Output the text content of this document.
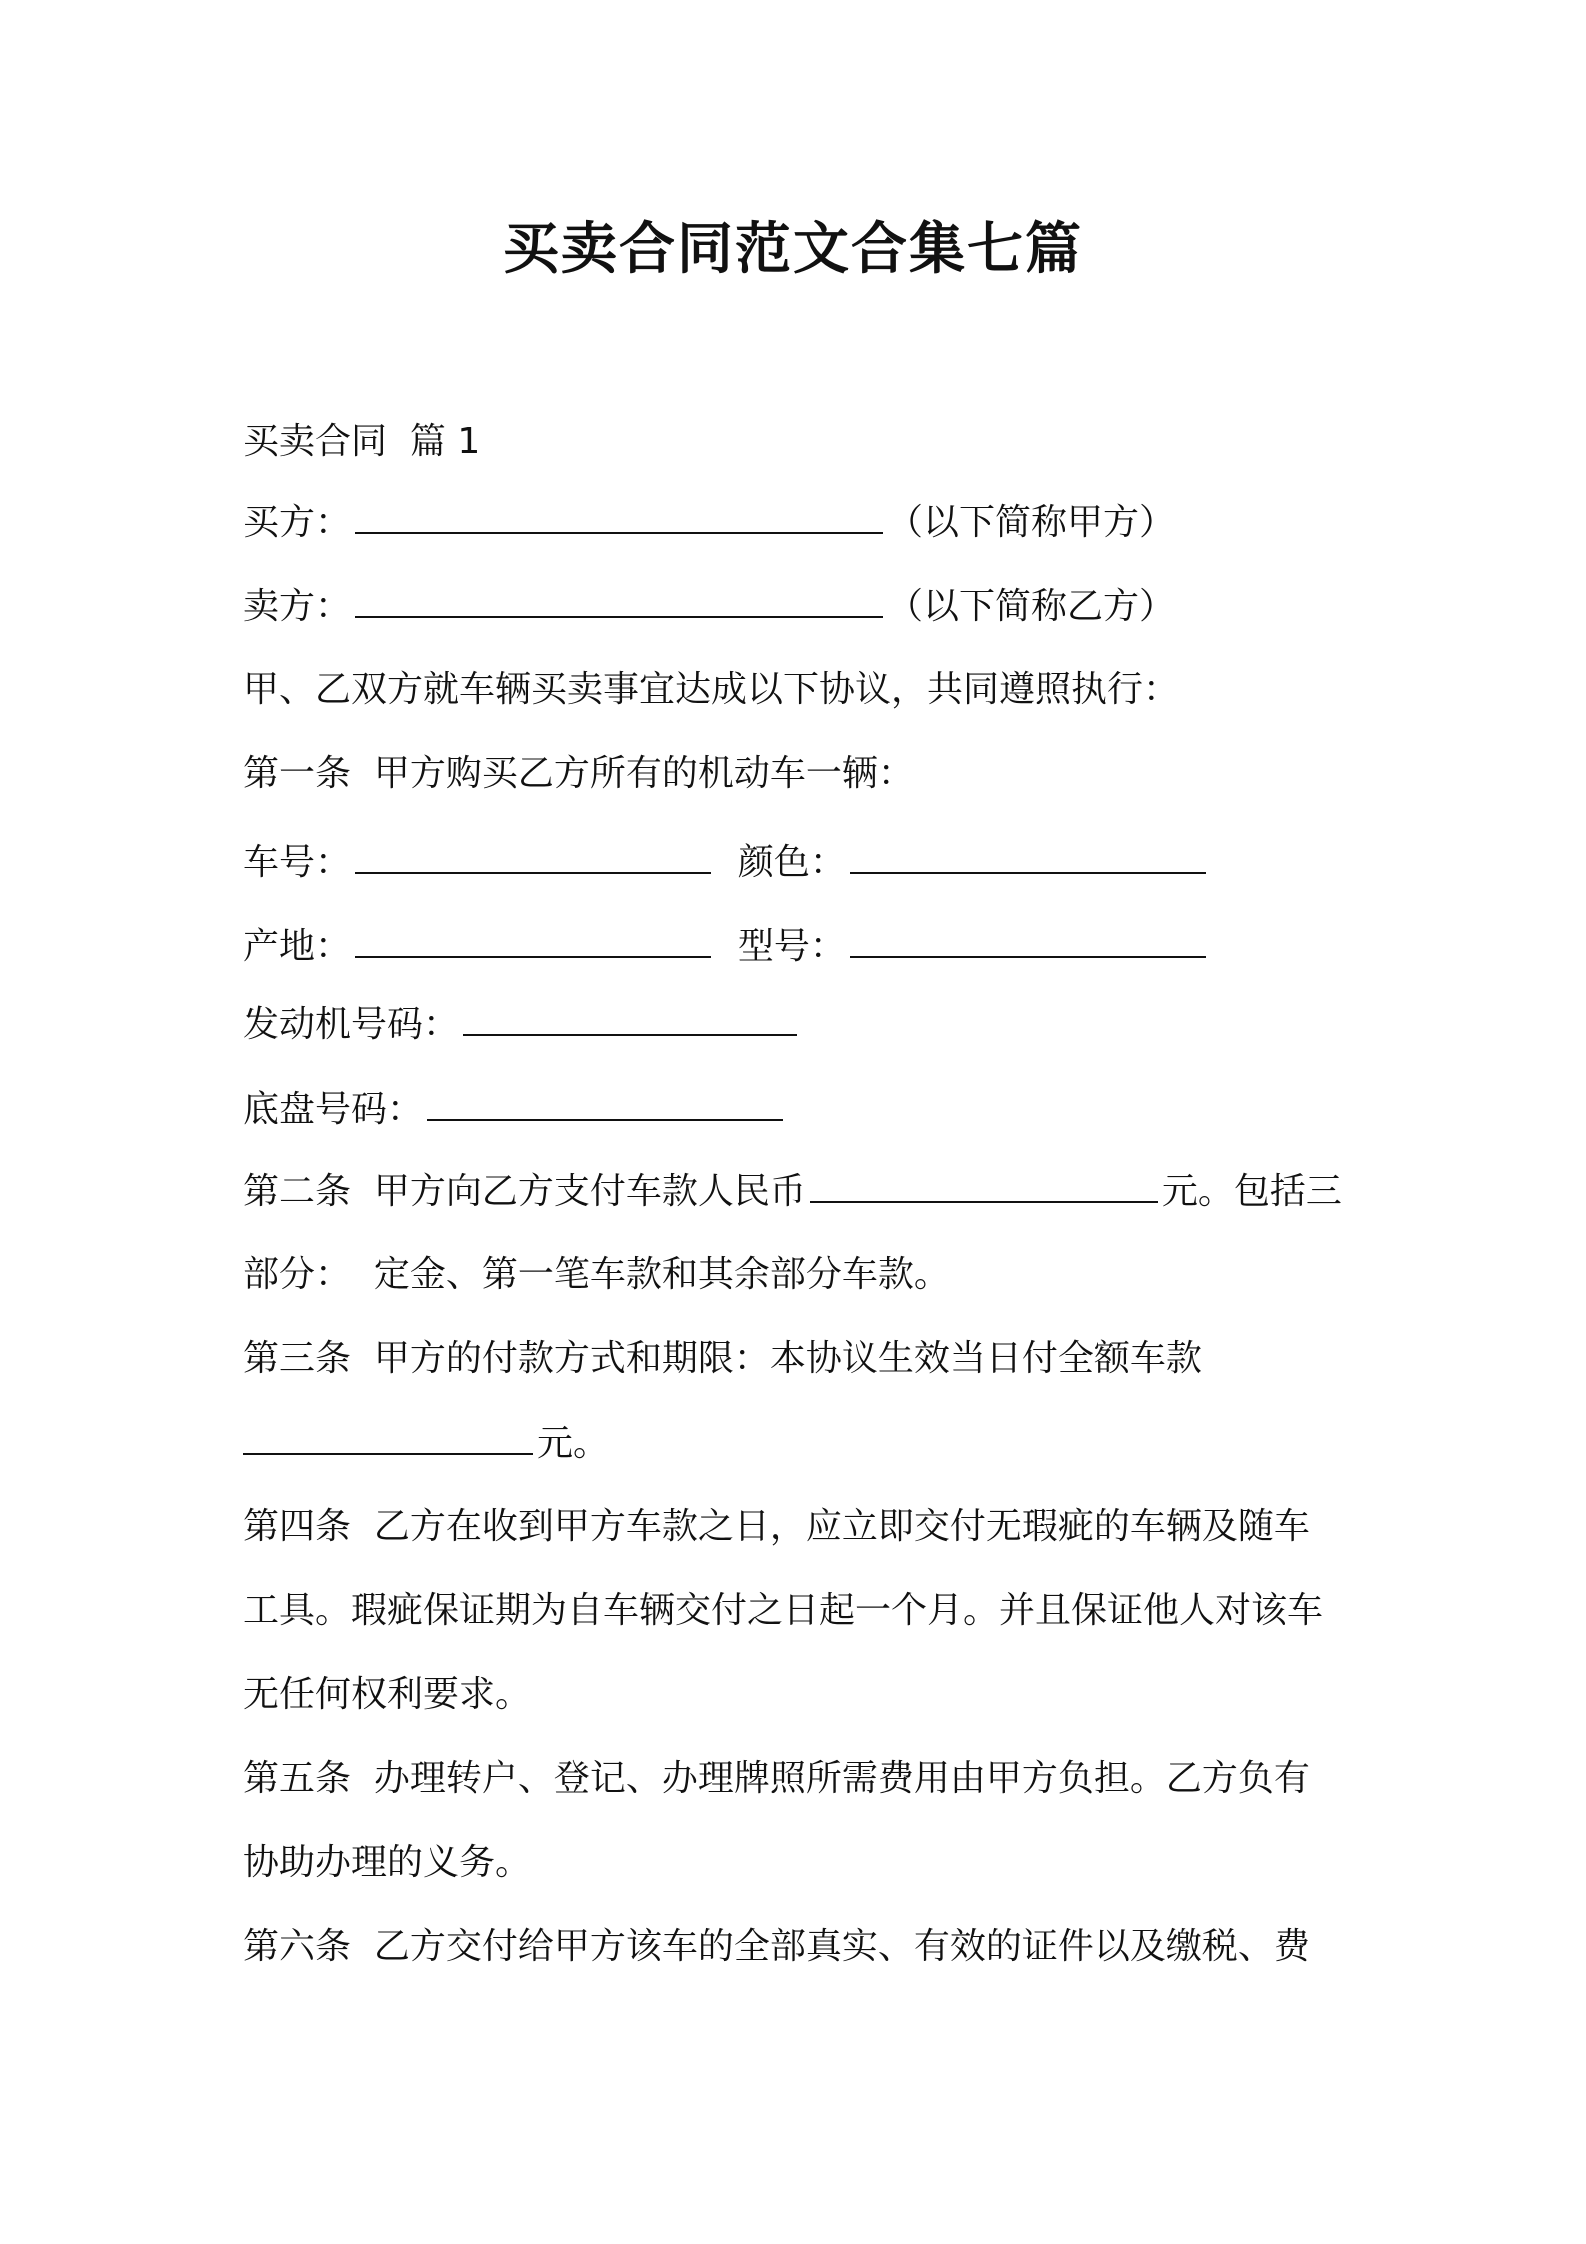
买卖合同范文合集七篇
买卖合同  篇 1
买方：	（以下简称甲方）
卖方：	（以下简称乙方）
甲、乙双方就车辆买卖事宜达成以下协议，共同遵照执行：
第一条  甲方购买乙方所有的机动车一辆：
车号：	颜色：
产地：	型号：
发动机号码：
底盘号码：
第二条  甲方向乙方支付车款人民币	元。包括三
部分：  定金、第一笔车款和其余部分车款。
第三条  甲方的付款方式和期限：本协议生效当日付全额车款
元。
第四条  乙方在收到甲方车款之日，应立即交付无瑕疵的车辆及随车
工具。瑕疵保证期为自车辆交付之日起一个月。并且保证他人对该车
无任何权利要求。
第五条  办理转户、登记、办理牌照所需费用由甲方负担。乙方负有
协助办理的义务。
第六条  乙方交付给甲方该车的全部真实、有效的证件以及缴税、费
